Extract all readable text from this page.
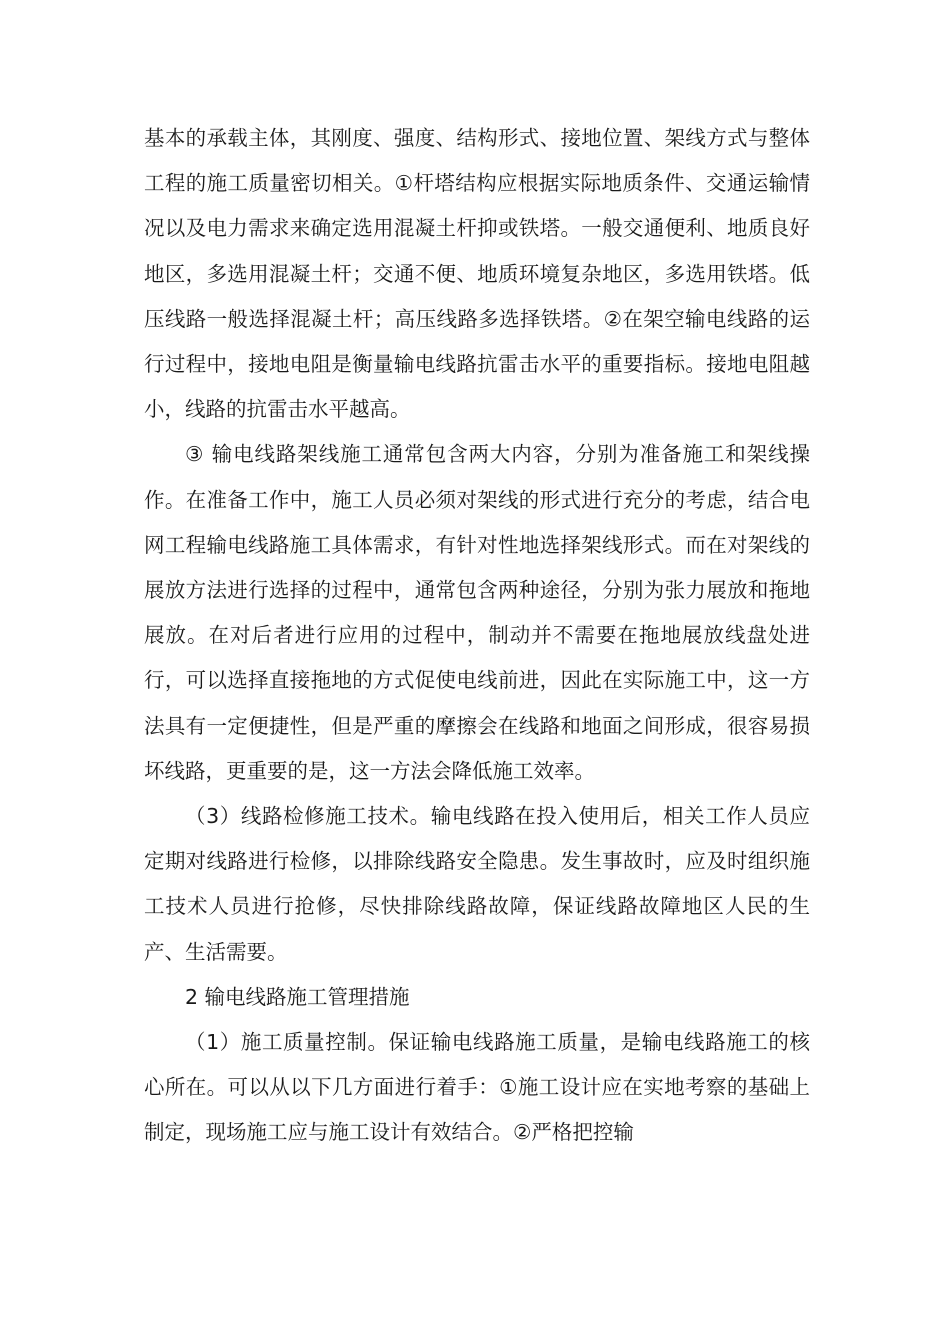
基本的承载主体，其刚度、强度、结构形式、接地位置、架线方式与整体工程的施工质量密切相关。①杆塔结构应根据实际地质条件、交通运输情况以及电力需求来确定选用混凝土杆抑或铁塔。一般交通便利、地质良好地区，多选用混凝土杆；交通不便、地质环境复杂地区，多选用铁塔。低压线路一般选择混凝土杆；高压线路多选择铁塔。②在架空输电线路的运行过程中，接地电阻是衡量输电线路抗雷击水平的重要指标。接地电阻越小，线路的抗雷击水平越高。

③ 输电线路架线施工通常包含两大内容，分别为准备施工和架线操作。在准备工作中，施工人员必须对架线的形式进行充分的考虑，结合电网工程输电线路施工具体需求，有针对性地选择架线形式。而在对架线的展放方法进行选择的过程中，通常包含两种途径，分别为张力展放和拖地展放。在对后者进行应用的过程中，制动并不需要在拖地展放线盘处进行，可以选择直接拖地的方式促使电线前进，因此在实际施工中，这一方法具有一定便捷性，但是严重的摩擦会在线路和地面之间形成，很容易损坏线路，更重要的是，这一方法会降低施工效率。

（3）线路检修施工技术。输电线路在投入使用后，相关工作人员应定期对线路进行检修，以排除线路安全隐患。发生事故时，应及时组织施工技术人员进行抢修，尽快排除线路故障，保证线路故障地区人民的生产、生活需要。

2 输电线路施工管理措施

（1）施工质量控制。保证输电线路施工质量，是输电线路施工的核心所在。可以从以下几方面进行着手：①施工设计应在实地考察的基础上制定，现场施工应与施工设计有效结合。②严格把控输
